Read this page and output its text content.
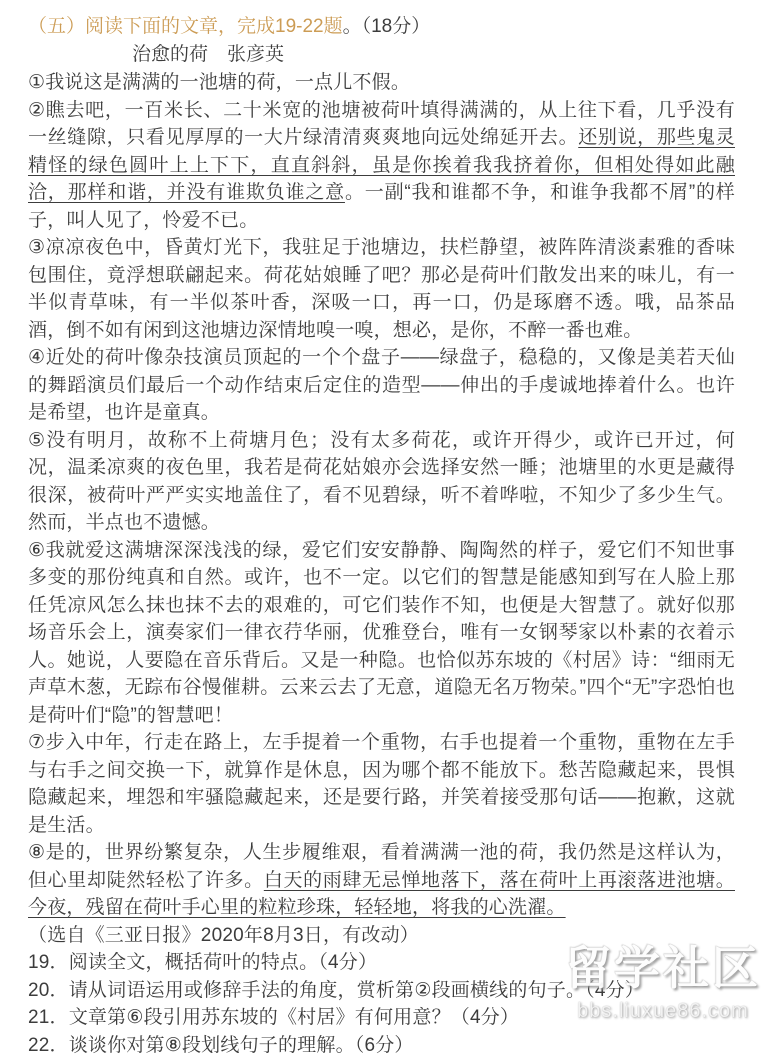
（五）阅读下面的文章，完成19-22题。（18分）
治愈的荷　张彦英

①我说这是满满的一池塘的荷，一点儿不假。

②瞧去吧，一百米长、二十米宽的池塘被荷叶填得满满的，从上往下看，几乎没有一丝缝隙，只看见厚厚的一大片绿清清爽爽地向远处绵延开去。还别说，那些鬼灵精怪的绿色圆叶上上下下，直直斜斜，虽是你挨着我我挤着你，但相处得如此融洽，那样和谐，并没有谁欺负谁之意。一副“我和谁都不争，和谁争我都不屑”的样子，叫人见了，怜爱不已。

③凉凉夜色中，昏黄灯光下，我驻足于池塘边，扶栏静望，被阵阵清淡素雅的香味包围住，竟浮想联翩起来。荷花姑娘睡了吧？那必是荷叶们散发出来的味儿，有一半似青草味，有一半似茶叶香，深吸一口，再一口，仍是琢磨不透。哦，品茶品酒，倒不如有闲到这池塘边深情地嗅一嗅，想必，是你，不醉一番也难。

④近处的荷叶像杂技演员顶起的一个个盘子——绿盘子，稳稳的，又像是美若天仙的舞蹈演员们最后一个动作结束后定住的造型——伸出的手虔诚地捧着什么。也许是希望，也许是童真。

⑤没有明月，故称不上荷塘月色；没有太多荷花，或许开得少，或许已开过，何况，温柔凉爽的夜色里，我若是荷花姑娘亦会选择安然一睡；池塘里的水更是藏得很深，被荷叶严严实实地盖住了，看不见碧绿，听不着哗啦，不知少了多少生气。然而，半点也不遗憾。

⑥我就爱这满塘深深浅浅的绿，爱它们安安静静、陶陶然的样子，爱它们不知世事多变的那份纯真和自然。或许，也不一定。以它们的智慧是能感知到写在人脸上那任凭凉风怎么抹也抹不去的艰难的，可它们装作不知，也便是大智慧了。就好似那场音乐会上，演奏家们一律衣荇华丽，优雅登台，唯有一女钢琴家以朴素的衣着示人。她说，人要隐在音乐背后。又是一种隐。也恰似苏东坡的《村居》诗：“细雨无声草木葱，无踪布谷慢催耕。云来云去了无意，道隐无名万物荣。”四个“无”字恐怕也是荷叶们“隐”的智慧吧！

⑦步入中年，行走在路上，左手提着一个重物，右手也提着一个重物，重物在左手与右手之间交换一下，就算作是休息，因为哪个都不能放下。愁苦隐藏起来，畏惧隐藏起来，埋怨和牢骚隐藏起来，还是要行路，并笑着接受那句话——抱歉，这就是生活。

⑧是的，世界纷繁复杂，人生步履维艰，看着满满一池的荷，我仍然是这样认为，但心里却陡然轻松了许多。白天的雨肆无忌惮地落下，落在荷叶上再滚落进池塘。今夜，残留在荷叶手心里的粒粒珍珠，轻轻地，将我的心洗濯。

（选自《三亚日报》2020年8月3日，有改动）

19．阅读全文，概括荷叶的特点。（4分）

20．请从词语运用或修辞手法的角度，赏析第②段画横线的句子。（4分）

21．文章第⑥段引用苏东坡的《村居》有何用意？（4分）

22．谈谈你对第⑧段划线句子的理解。（6分）

留学社区
bbs.liuxue86.com
